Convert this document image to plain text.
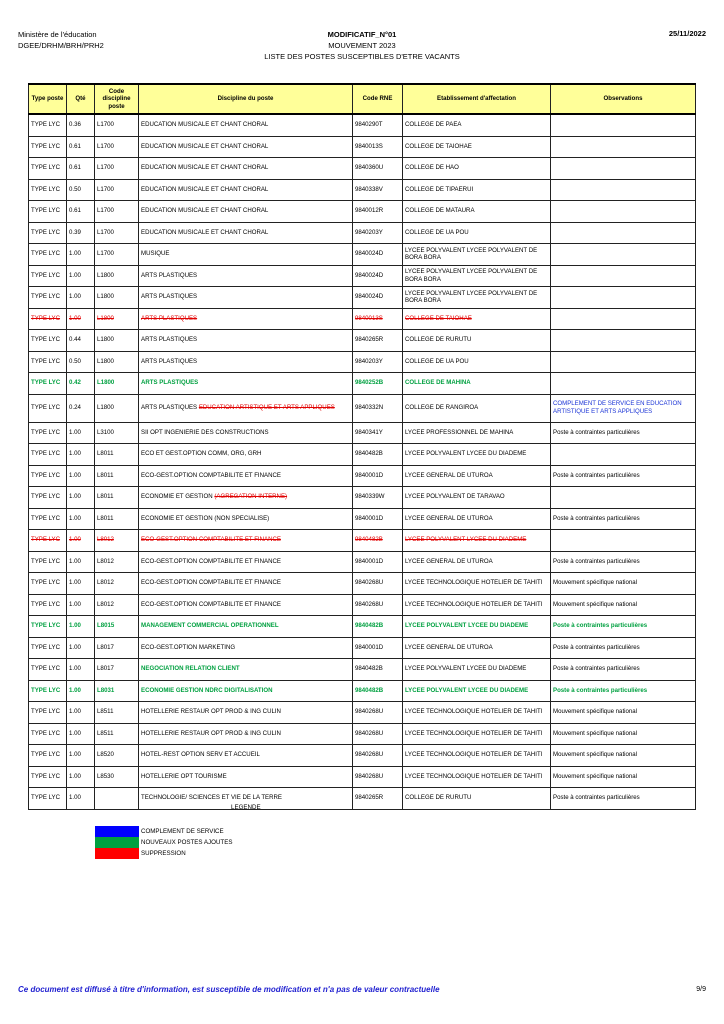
Ministère de l'éducation
DGEE/DRHM/BRH/PRH2
MODIFICATIF_N°01
MOUVEMENT 2023
LISTE DES POSTES SUSCEPTIBLES D'ETRE VACANTS
25/11/2022
Type poste	Qté	Code discipline poste	Discipline du poste	Code RNE	Etablissement d'affectation	Observations
TYPE LYC	0.36	L1700	EDUCATION MUSICALE ET CHANT CHORAL	9840290T	COLLEGE DE PAEA	
TYPE LYC	0.61	L1700	EDUCATION MUSICALE ET CHANT CHORAL	9840013S	COLLEGE DE TAIOHAE	
TYPE LYC	0.61	L1700	EDUCATION MUSICALE ET CHANT CHORAL	9840360U	COLLEGE DE HAO	
TYPE LYC	0.50	L1700	EDUCATION MUSICALE ET CHANT CHORAL	9840338V	COLLEGE DE TIPAERUI	
TYPE LYC	0.61	L1700	EDUCATION MUSICALE ET CHANT CHORAL	9840012R	COLLEGE DE MATAURA	
TYPE LYC	0.39	L1700	EDUCATION MUSICALE ET CHANT CHORAL	9840203Y	COLLEGE DE UA POU	
TYPE LYC	1.00	L1700	MUSIQUE	9840024D	LYCEE POLYVALENT LYCEE POLYVALENT DE BORA BORA	
TYPE LYC	1.00	L1800	ARTS PLASTIQUES	9840024D	LYCEE POLYVALENT LYCEE POLYVALENT DE BORA BORA	
TYPE LYC	1.00	L1800	ARTS PLASTIQUES	9840024D	LYCEE POLYVALENT LYCEE POLYVALENT DE BORA BORA	
TYPE LYC	1.00	L1800	ARTS PLASTIQUES	9840013S	COLLEGE DE TAIOHAE	
TYPE LYC	0.44	L1800	ARTS PLASTIQUES	9840265R	COLLEGE DE RURUTU	
TYPE LYC	0.50	L1800	ARTS PLASTIQUES	9840203Y	COLLEGE DE UA POU	
TYPE LYC	0.42	L1800	ARTS PLASTIQUES	9840252B	COLLEGE DE MAHINA	
TYPE LYC	0.24	L1800	ARTS PLASTIQUES EDUCATION ARTISTIQUE ET ARTS APPLIQUES	9840332N	COLLEGE DE RANGIROA	COMPLEMENT DE SERVICE EN EDUCATION ARTISTIQUE ET ARTS APPLIQUES
TYPE LYC	1.00	L3100	SII OPT INGENIERIE DES CONSTRUCTIONS	9840341Y	LYCEE PROFESSIONNEL DE MAHINA	Poste à contraintes particulières
TYPE LYC	1.00	L8011	ECO ET GEST.OPTION COMM, ORG, GRH	9840482B	LYCEE POLYVALENT LYCEE DU DIADEME	
TYPE LYC	1.00	L8011	ECO-GEST.OPTION COMPTABILITE ET FINANCE	9840001D	LYCEE GENERAL DE UTUROA	Poste à contraintes particulières
TYPE LYC	1.00	L8011	ECONOMIE ET GESTION (AGREGATION INTERNE)	9840339W	LYCEE POLYVALENT DE TARAVAO	
TYPE LYC	1.00	L8011	ECONOMIE ET GESTION (NON SPECIALISE)	9840001D	LYCEE GENERAL DE UTUROA	Poste à contraintes particulières
TYPE LYC	1.00	L8012	ECO-GEST.OPTION COMPTABILITE ET FINANCE	9840482B	LYCEE POLYVALENT LYCEE DU DIADEME	
TYPE LYC	1.00	L8012	ECO-GEST.OPTION COMPTABILITE ET FINANCE	9840001D	LYCEE GENERAL DE UTUROA	Poste à contraintes particulières
TYPE LYC	1.00	L8012	ECO-GEST.OPTION COMPTABILITE ET FINANCE	9840268U	LYCEE TECHNOLOGIQUE HOTELIER DE TAHITI	Mouvement spécifique national
TYPE LYC	1.00	L8012	ECO-GEST.OPTION COMPTABILITE ET FINANCE	9840268U	LYCEE TECHNOLOGIQUE HOTELIER DE TAHITI	Mouvement spécifique national
TYPE LYC	1.00	L8015	MANAGEMENT COMMERCIAL OPERATIONNEL	9840482B	LYCEE POLYVALENT LYCEE DU DIADEME	Poste à contraintes particulières
TYPE LYC	1.00	L8017	ECO-GEST.OPTION MARKETING	9840001D	LYCEE GENERAL DE UTUROA	Poste à contraintes particulières
TYPE LYC	1.00	L8017	NEGOCIATION RELATION CLIENT	9840482B	LYCEE POLYVALENT LYCEE DU DIADEME	Poste à contraintes particulières
TYPE LYC	1.00	L8031	ECONOMIE GESTION NDRC DIGITALISATION	9840482B	LYCEE POLYVALENT LYCEE DU DIADEME	Poste à contraintes particulières
TYPE LYC	1.00	L8511	HOTELLERIE RESTAUR OPT PROD & ING CULIN	9840268U	LYCEE TECHNOLOGIQUE HOTELIER DE TAHITI	Mouvement spécifique national
TYPE LYC	1.00	L8511	HOTELLERIE RESTAUR OPT PROD & ING CULIN	9840268U	LYCEE TECHNOLOGIQUE HOTELIER DE TAHITI	Mouvement spécifique national
TYPE LYC	1.00	L8520	HOTEL-REST OPTION SERV ET ACCUEIL	9840268U	LYCEE TECHNOLOGIQUE HOTELIER DE TAHITI	Mouvement spécifique national
TYPE LYC	1.00	L8530	HOTELLERIE OPT TOURISME	9840268U	LYCEE TECHNOLOGIQUE HOTELIER DE TAHITI	Mouvement spécifique national
TYPE LYC	1.00		TECHNOLOGIE/ SCIENCES ET VIE DE LA TERRE	9840265R	COLLEGE DE RURUTU	Poste à contraintes particulières
LEGENDE
COMPLEMENT DE SERVICE
NOUVEAUX POSTES AJOUTES
SUPPRESSION
Ce document est diffusé à titre d'information, est susceptible de modification et n'a pas de valeur contractuelle	9/9
